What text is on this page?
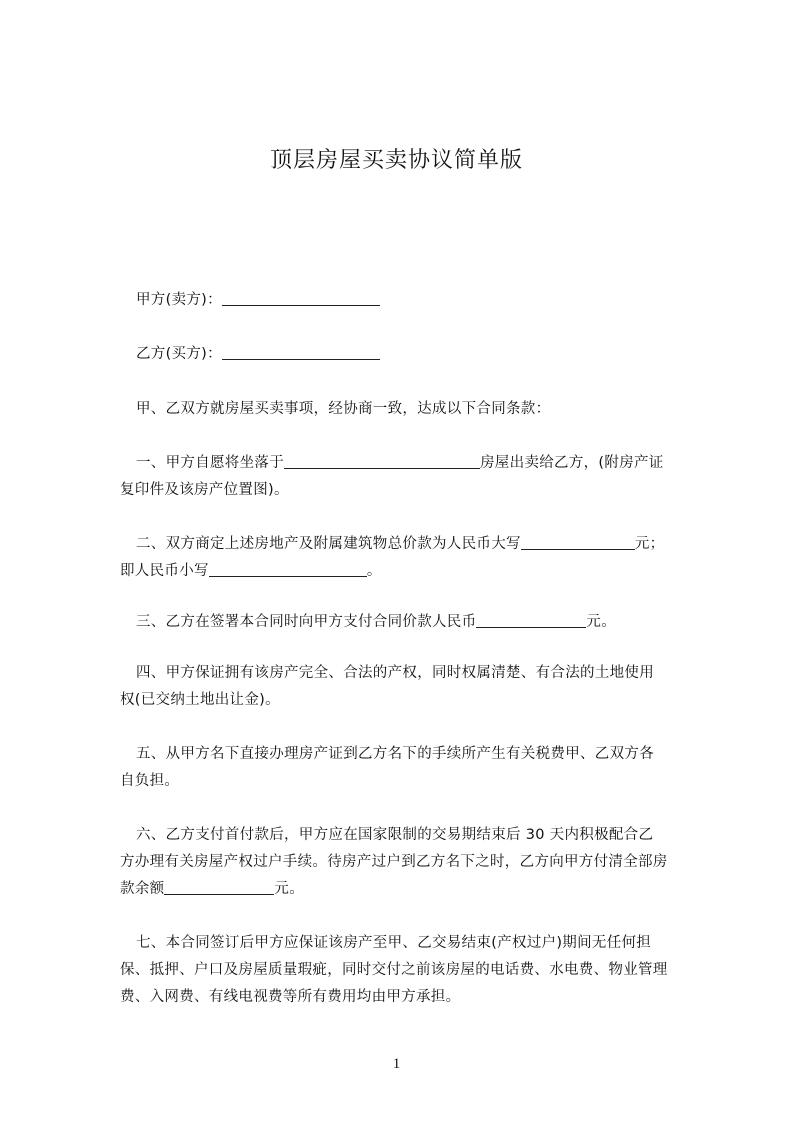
顶层房屋买卖协议简单版
甲方(卖方)：
乙方(买方)：
甲、乙双方就房屋买卖事项，经协商一致，达成以下合同条款：
一、甲方自愿将坐落于	房屋出卖给乙方，(附房产证
复印件及该房产位置图)。
二、双方商定上述房地产及附属建筑物总价款为人民币大写	元；
即人民币小写	。
三、乙方在签署本合同时向甲方支付合同价款人民币	元。
四、甲方保证拥有该房产完全、合法的产权，同时权属清楚、有合法的土地使用
权(已交纳土地出让金)。
五、从甲方名下直接办理房产证到乙方名下的手续所产生有关税费甲、乙双方各
自负担。
六、乙方支付首付款后，甲方应在国家限制的交易期结束后 30 天内积极配合乙
方办理有关房屋产权过户手续。待房产过户到乙方名下之时，乙方向甲方付清全部房
款余额	元。
七、本合同签订后甲方应保证该房产至甲、乙交易结束(产权过户)期间无任何担
保、抵押、户口及房屋质量瑕疵，同时交付之前该房屋的电话费、水电费、物业管理
费、入网费、有线电视费等所有费用均由甲方承担。
1
